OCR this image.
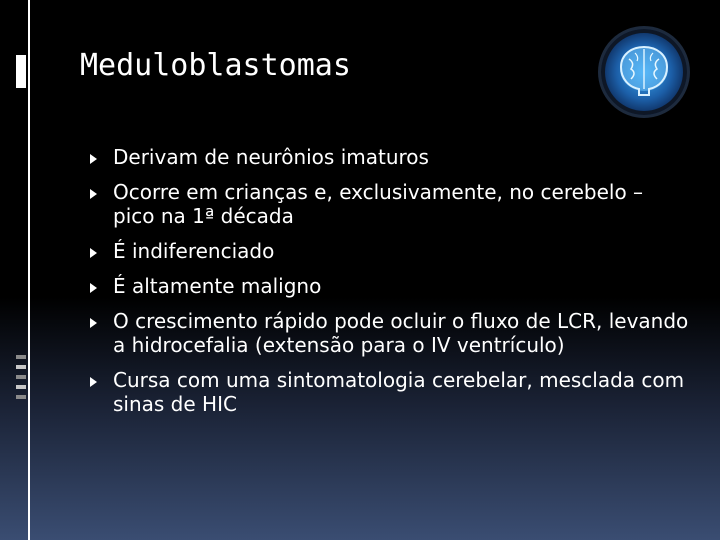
Meduloblastomas
Derivam de neurônios imaturos
Ocorre em crianças e, exclusivamente, no cerebelo – pico na 1ª década
É indiferenciado
É altamente maligno
O crescimento rápido pode ocluir o fluxo de LCR, levando a hidrocefalia (extensão para o IV ventrículo)
Cursa com uma sintomatologia cerebelar, mesclada com sinas de HIC
